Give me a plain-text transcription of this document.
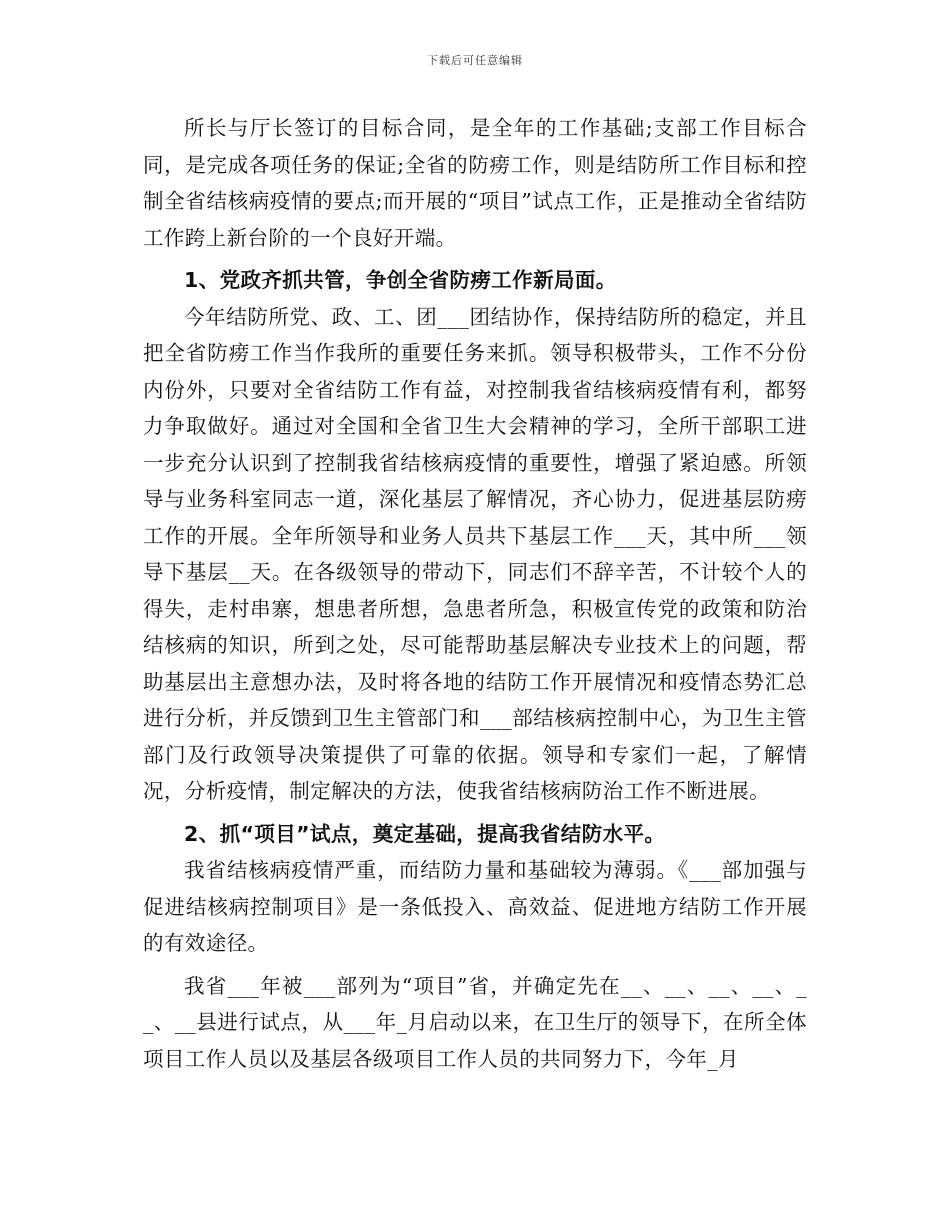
下载后可任意编辑

所长与厅长签订的目标合同，是全年的工作基础;支部工作目标合同，是完成各项任务的保证;全省的防痨工作，则是结防所工作目标和控制全省结核病疫情的要点;而开展的“项目”试点工作，正是推动全省结防工作跨上新台阶的一个良好开端。

1、党政齐抓共管，争创全省防痨工作新局面。

今年结防所党、政、工、团___团结协作，保持结防所的稳定，并且把全省防痨工作当作我所的重要任务来抓。领导积极带头，工作不分份内份外，只要对全省结防工作有益，对控制我省结核病疫情有利，都努力争取做好。通过对全国和全省卫生大会精神的学习，全所干部职工进一步充分认识到了控制我省结核病疫情的重要性，增强了紧迫感。所领导与业务科室同志一道，深化基层了解情况，齐心协力，促进基层防痨工作的开展。全年所领导和业务人员共下基层工作___天，其中所___领导下基层__天。在各级领导的带动下，同志们不辞辛苦，不计较个人的得失，走村串寨，想患者所想，急患者所急，积极宣传党的政策和防治结核病的知识，所到之处，尽可能帮助基层解决专业技术上的问题，帮助基层出主意想办法，及时将各地的结防工作开展情况和疫情态势汇总进行分析，并反馈到卫生主管部门和___部结核病控制中心，为卫生主管部门及行政领导决策提供了可靠的依据。领导和专家们一起，了解情况，分析疫情，制定解决的方法，使我省结核病防治工作不断进展。

2、抓“项目”试点，奠定基础，提高我省结防水平。

我省结核病疫情严重，而结防力量和基础较为薄弱。《___部加强与促进结核病控制项目》是一条低投入、高效益、促进地方结防工作开展的有效途径。

我省___年被___部列为“项目”省，并确定先在__、__、__、__、__、__县进行试点，从___年_月启动以来，在卫生厅的领导下，在所全体项目工作人员以及基层各级项目工作人员的共同努力下，今年_月
